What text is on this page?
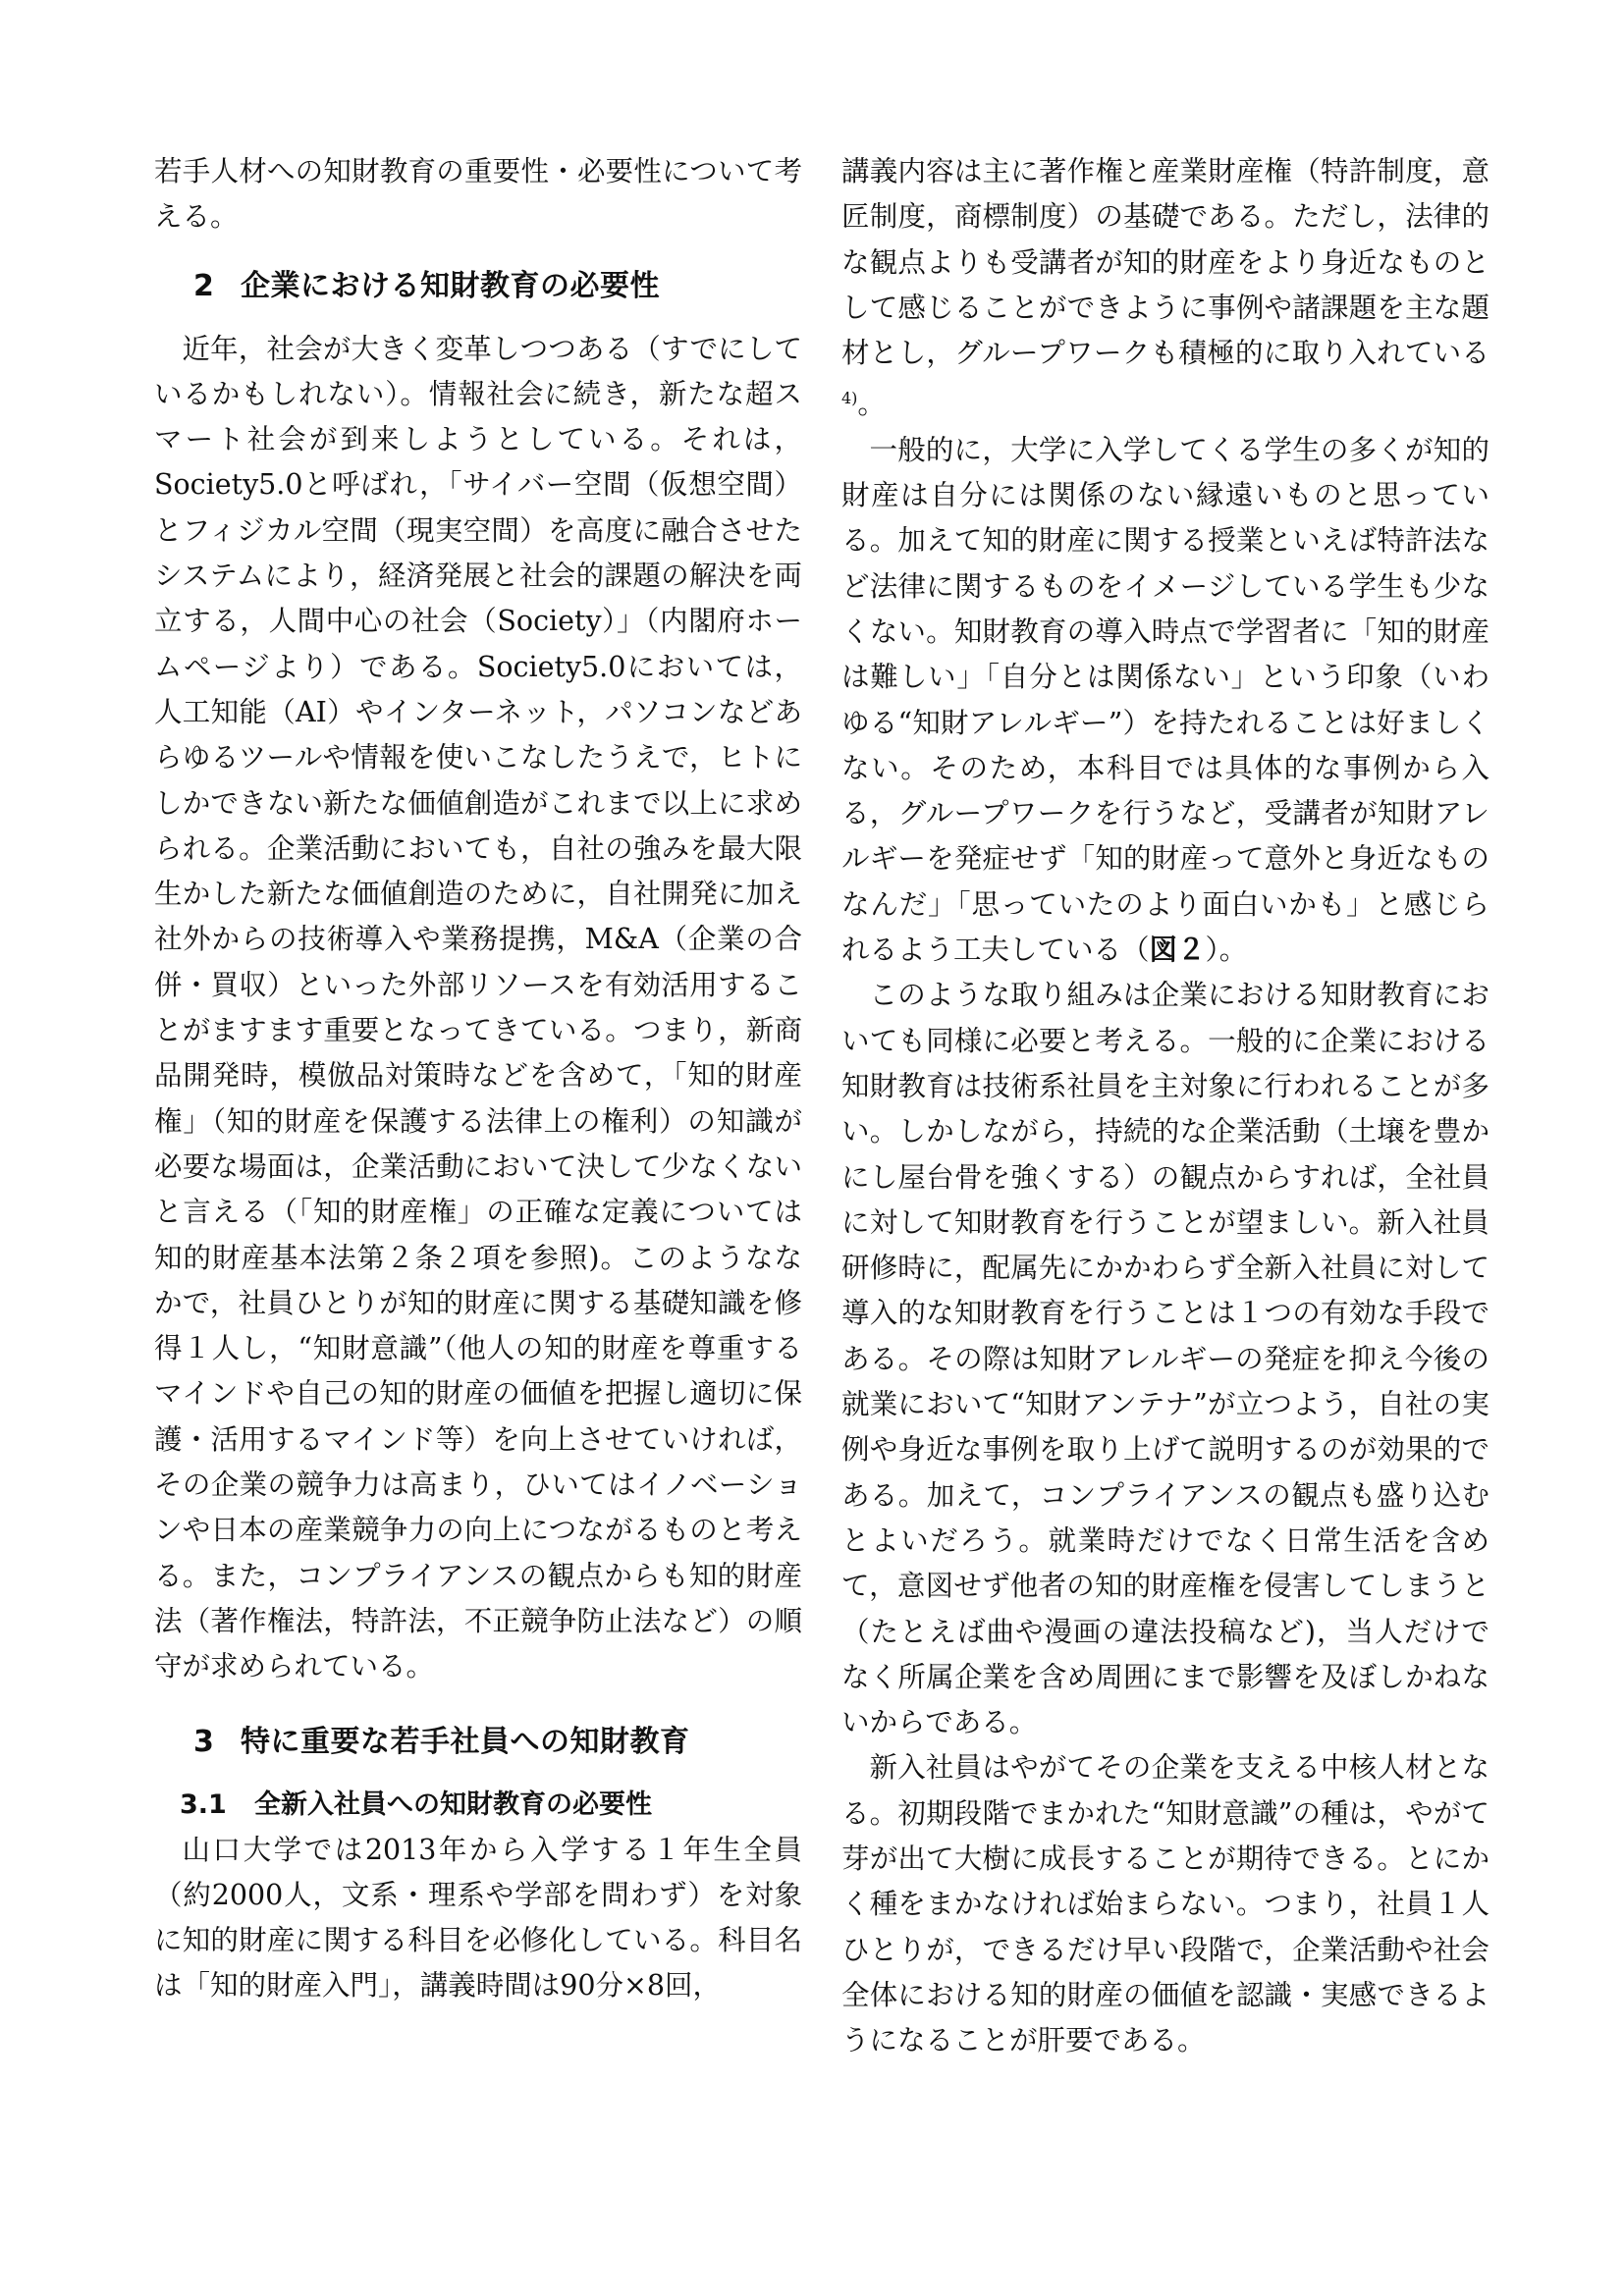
若手人材への知財教育の重要性・必要性について考える。

2 企業における知財教育の必要性

近年，社会が大きく変革しつつある（すでにしているかもしれない）。情報社会に続き，新たな超スマート社会が到来しようとしている。それは，Society5.0と呼ばれ，「サイバー空間（仮想空間）とフィジカル空間（現実空間）を高度に融合させたシステムにより，経済発展と社会的課題の解決を両立する，人間中心の社会（Society）」（内閣府ホームページより）である。Society5.0においては，人工知能（AI）やインターネット，パソコンなどあらゆるツールや情報を使いこなしたうえで，ヒトにしかできない新たな価値創造がこれまで以上に求められる。企業活動においても，自社の強みを最大限生かした新たな価値創造のために，自社開発に加え社外からの技術導入や業務提携，M&A（企業の合併・買収）といった外部リソースを有効活用することがますます重要となってきている。つまり，新商品開発時，模倣品対策時などを含めて，「知的財産権」（知的財産を保護する法律上の権利）の知識が必要な場面は，企業活動において決して少なくないと言える（「知的財産権」の正確な定義については知的財産基本法第２条２項を参照)。このようななかで，社員ひとりが知的財産に関する基礎知識を修得１人し，“知財意識”（他人の知的財産を尊重するマインドや自己の知的財産の価値を把握し適切に保護・活用するマインド等）を向上させていければ，その企業の競争力は高まり，ひいてはイノベーションや日本の産業競争力の向上につながるものと考える。また，コンプライアンスの観点からも知的財産法（著作権法，特許法，不正競争防止法など）の順守が求められている。

3 特に重要な若手社員への知財教育
3.1 全新入社員への知財教育の必要性

山口大学では2013年から入学する１年生全員（約2000人，文系・理系や学部を問わず）を対象に知的財産に関する科目を必修化している。科目名は「知的財産入門」，講義時間は90分×8回，

講義内容は主に著作権と産業財産権（特許制度，意匠制度，商標制度）の基礎である。ただし，法律的な観点よりも受講者が知的財産をより身近なものとして感じることができように事例や諸課題を主な題材とし，グループワークも積極的に取り入れている$^{4)}$。

一般的に，大学に入学してくる学生の多くが知的財産は自分には関係のない縁遠いものと思っている。加えて知的財産に関する授業といえば特許法など法律に関するものをイメージしている学生も少なくない。知財教育の導入時点で学習者に「知的財産は難しい」「自分とは関係ない」という印象（いわゆる“知財アレルギー”）を持たれることは好ましくない。そのため，本科目では具体的な事例から入る，グループワークを行うなど，受講者が知財アレルギーを発症せず「知的財産って意外と身近なものなんだ」「思っていたのより面白いかも」と感じられるよう工夫している（図２）。

このような取り組みは企業における知財教育においても同様に必要と考える。一般的に企業における知財教育は技術系社員を主対象に行われることが多い。しかしながら，持続的な企業活動（土壌を豊かにし屋台骨を強くする）の観点からすれば，全社員に対して知財教育を行うことが望ましい。新入社員研修時に，配属先にかかわらず全新入社員に対して導入的な知財教育を行うことは１つの有効な手段である。その際は知財アレルギーの発症を抑え今後の就業において“知財アンテナ”が立つよう，自社の実例や身近な事例を取り上げて説明するのが効果的である。加えて，コンプライアンスの観点も盛り込むとよいだろう。就業時だけでなく日常生活を含めて，意図せず他者の知的財産権を侵害してしまうと（たとえば曲や漫画の違法投稿など)，当人だけでなく所属企業を含め周囲にまで影響を及ぼしかねないからである。

新入社員はやがてその企業を支える中核人材となる。初期段階でまかれた“知財意識”の種は，やがて芽が出て大樹に成長することが期待できる。とにかく種をまかなければ始まらない。つまり，社員１人ひとりが，できるだけ早い段階で，企業活動や社会全体における知的財産の価値を認識・実感できるようになることが肝要である。
